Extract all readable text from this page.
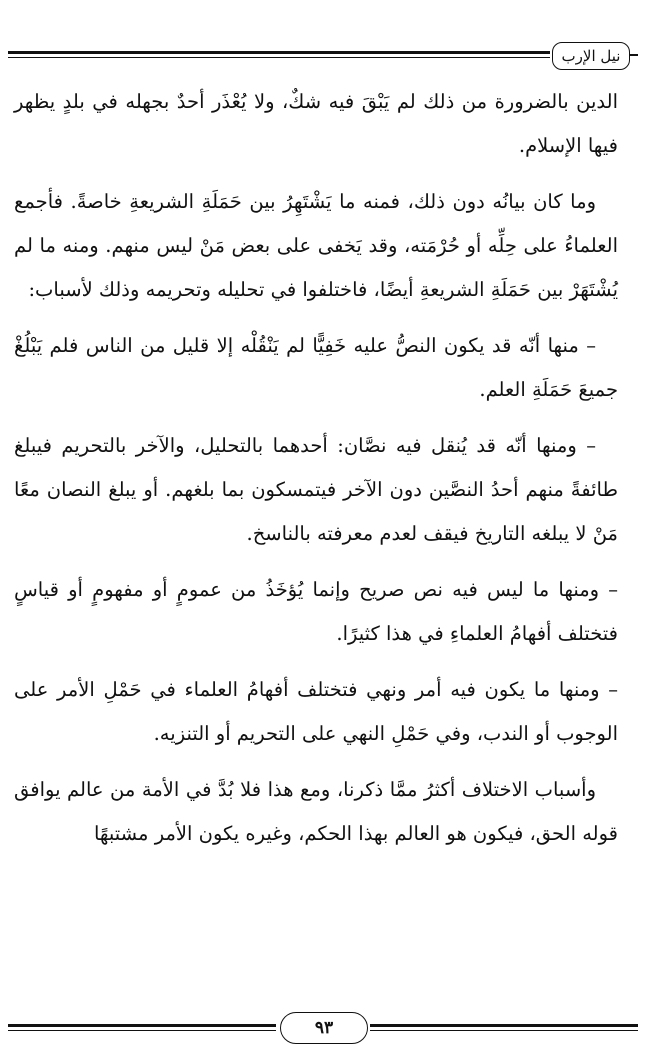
نيل الإرب

الدين بالضرورة من ذلك لم يَبْقَ فيه شكٌ، ولا يُعْذَر أحدٌ بجهله في بلدٍ يظهر فيها الإسلام.

وما كان بيانُه دون ذلك، فمنه ما يَشْتَهِرُ بين حَمَلَةِ الشريعةِ خاصةً. فأجمع العلماءُ على حِلِّه أو حُرْمَته، وقد يَخفى على بعض مَنْ ليس منهم. ومنه ما لم يُشْتَهَرْ بين حَمَلَةِ الشريعةِ أيضًا، فاختلفوا في تحليله وتحريمه وذلك لأسباب:

– منها أنّه قد يكون النصُّ عليه خَفِيًّا لم يَنْقُلْه إلا قليل من الناس فلم يَبْلُغْ جميعَ حَمَلَةِ العلم.

– ومنها أنّه قد يُنقل فيه نصَّان: أحدهما بالتحليل، والآخر بالتحريم فيبلغ طائفةً منهم أحدُ النصَّين دون الآخر فيتمسكون بما بلغهم. أو يبلغ النصان معًا مَنْ لا يبلغه التاريخ فيقف لعدم معرفته بالناسخ.

– ومنها ما ليس فيه نص صريح وإنما يُؤخَذُ من عمومٍ أو مفهومٍ أو قياسٍ فتختلف أفهامُ العلماءِ في هذا كثيرًا.

– ومنها ما يكون فيه أمر ونهي فتختلف أفهامُ العلماء في حَمْلِ الأمر على الوجوب أو الندب، وفي حَمْلِ النهي على التحريم أو التنزيه.

وأسباب الاختلاف أكثرُ ممَّا ذكرنا، ومع هذا فلا بُدَّ في الأمة من عالم يوافق قوله الحق، فيكون هو العالم بهذا الحكم، وغيره يكون الأمر مشتبهًا

٩٣
